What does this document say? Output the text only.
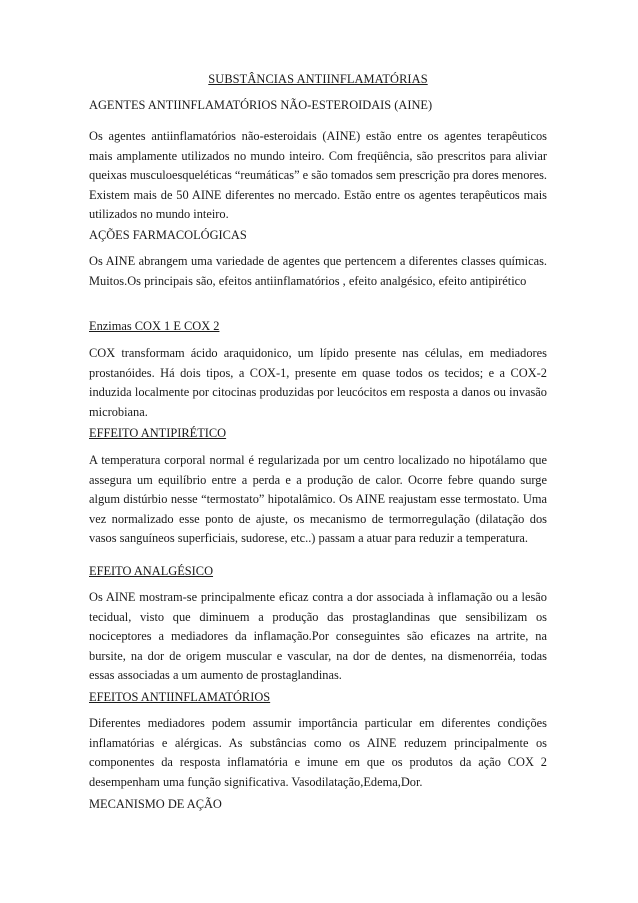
SUBSTÂNCIAS ANTIINFLAMATÓRIAS
AGENTES ANTIINFLAMATÓRIOS NÃO-ESTEROIDAIS (AINE)

Os agentes antiinflamatórios não-esteroidais (AINE) estão entre os agentes terapêuticos mais amplamente utilizados no mundo inteiro. Com freqüência, são prescritos para aliviar queixas musculoesqueléticas “reumáticas” e são tomados sem prescrição pra dores menores. Existem mais de 50 AINE diferentes no mercado. Estão entre os agentes terapêuticos mais utilizados no mundo inteiro.

AÇÕES FARMACOLÓGICAS

Os AINE abrangem uma variedade de agentes que pertencem a diferentes classes químicas. Muitos.Os principais são, efeitos antiinflamatórios , efeito analgésico, efeito antipirético

Enzimas COX 1 E COX 2

COX transformam ácido araquidonico, um lípido presente nas células, em mediadores prostanóides. Há dois tipos, a COX-1, presente em quase todos os tecidos; e a COX-2 induzida localmente por citocinas produzidas por leucócitos em resposta a danos ou invasão microbiana.

EFFEITO ANTIPIRÉTICO

A temperatura corporal normal é regularizada por um centro localizado no hipotálamo que assegura um equilíbrio entre a perda e a produção de calor. Ocorre febre quando surge algum distúrbio nesse “termostato” hipotalâmico. Os AINE reajustam esse termostato. Uma vez normalizado esse ponto de ajuste, os mecanismo de termorregulação (dilatação dos vasos sanguíneos superficiais, sudorese, etc..) passam a atuar para reduzir a temperatura.

EFEITO ANALGÉSICO

Os AINE mostram-se principalmente eficaz contra a dor associada à inflamação ou a lesão tecidual, visto que diminuem a produção das prostaglandinas que sensibilizam os nociceptores a mediadores da inflamação.Por conseguintes são eficazes na artrite, na bursite, na dor de origem muscular e vascular, na dor de dentes, na dismenorréia, todas essas associadas a um aumento de prostaglandinas.

EFEITOS ANTIINFLAMATÓRIOS

Diferentes mediadores podem assumir importância particular em diferentes condições inflamatórias e alérgicas. As substâncias como os AINE reduzem principalmente os componentes da resposta inflamatória e imune em que os produtos da ação COX 2 desempenham uma função significativa. Vasodilatação,Edema,Dor.

MECANISMO DE AÇÃO
